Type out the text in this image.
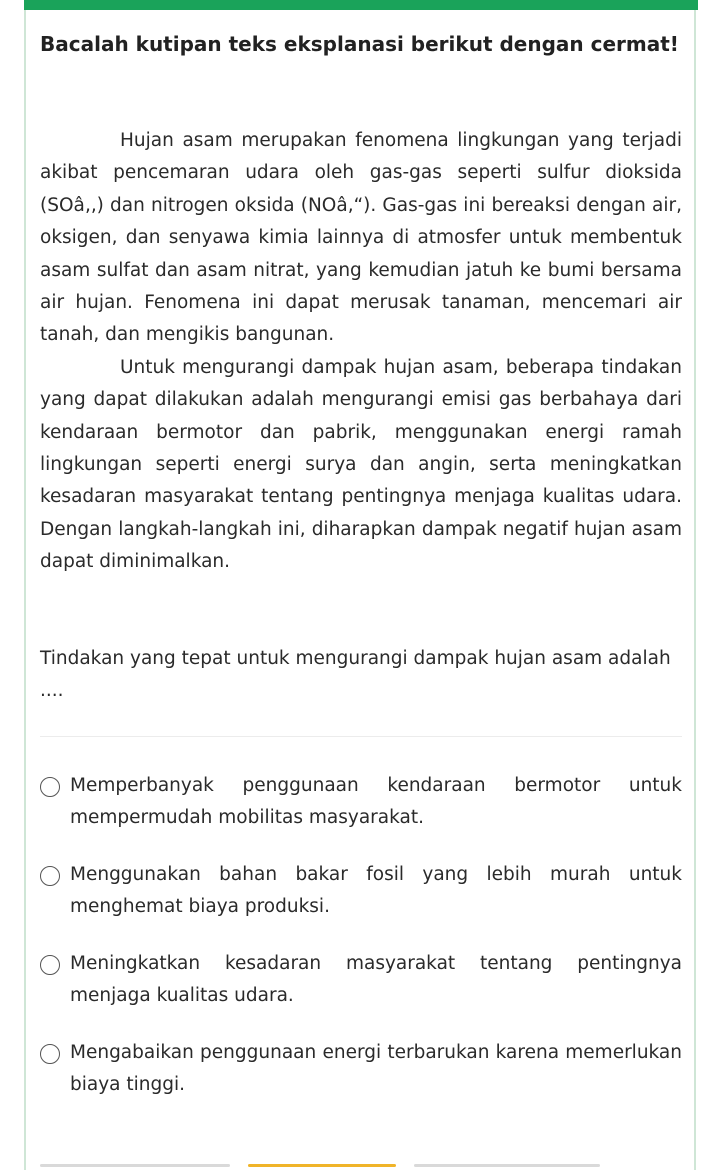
Bacalah kutipan teks eksplanasi berikut dengan cermat!

Hujan asam merupakan fenomena lingkungan yang terjadi akibat pencemaran udara oleh gas-gas seperti sulfur dioksida (SOâ‚‚) dan nitrogen oksida (NOâ‚“). Gas-gas ini bereaksi dengan air, oksigen, dan senyawa kimia lainnya di atmosfer untuk membentuk asam sulfat dan asam nitrat, yang kemudian jatuh ke bumi bersama air hujan. Fenomena ini dapat merusak tanaman, mencemari air tanah, dan mengikis bangunan.

Untuk mengurangi dampak hujan asam, beberapa tindakan yang dapat dilakukan adalah mengurangi emisi gas berbahaya dari kendaraan bermotor dan pabrik, menggunakan energi ramah lingkungan seperti energi surya dan angin, serta meningkatkan kesadaran masyarakat tentang pentingnya menjaga kualitas udara. Dengan langkah-langkah ini, diharapkan dampak negatif hujan asam dapat diminimalkan.

Tindakan yang tepat untuk mengurangi dampak hujan asam adalah ....

Memperbanyak penggunaan kendaraan bermotor untuk mempermudah mobilitas masyarakat.
Menggunakan bahan bakar fosil yang lebih murah untuk menghemat biaya produksi.
Meningkatkan kesadaran masyarakat tentang pentingnya menjaga kualitas udara.
Mengabaikan penggunaan energi terbarukan karena memerlukan biaya tinggi.
